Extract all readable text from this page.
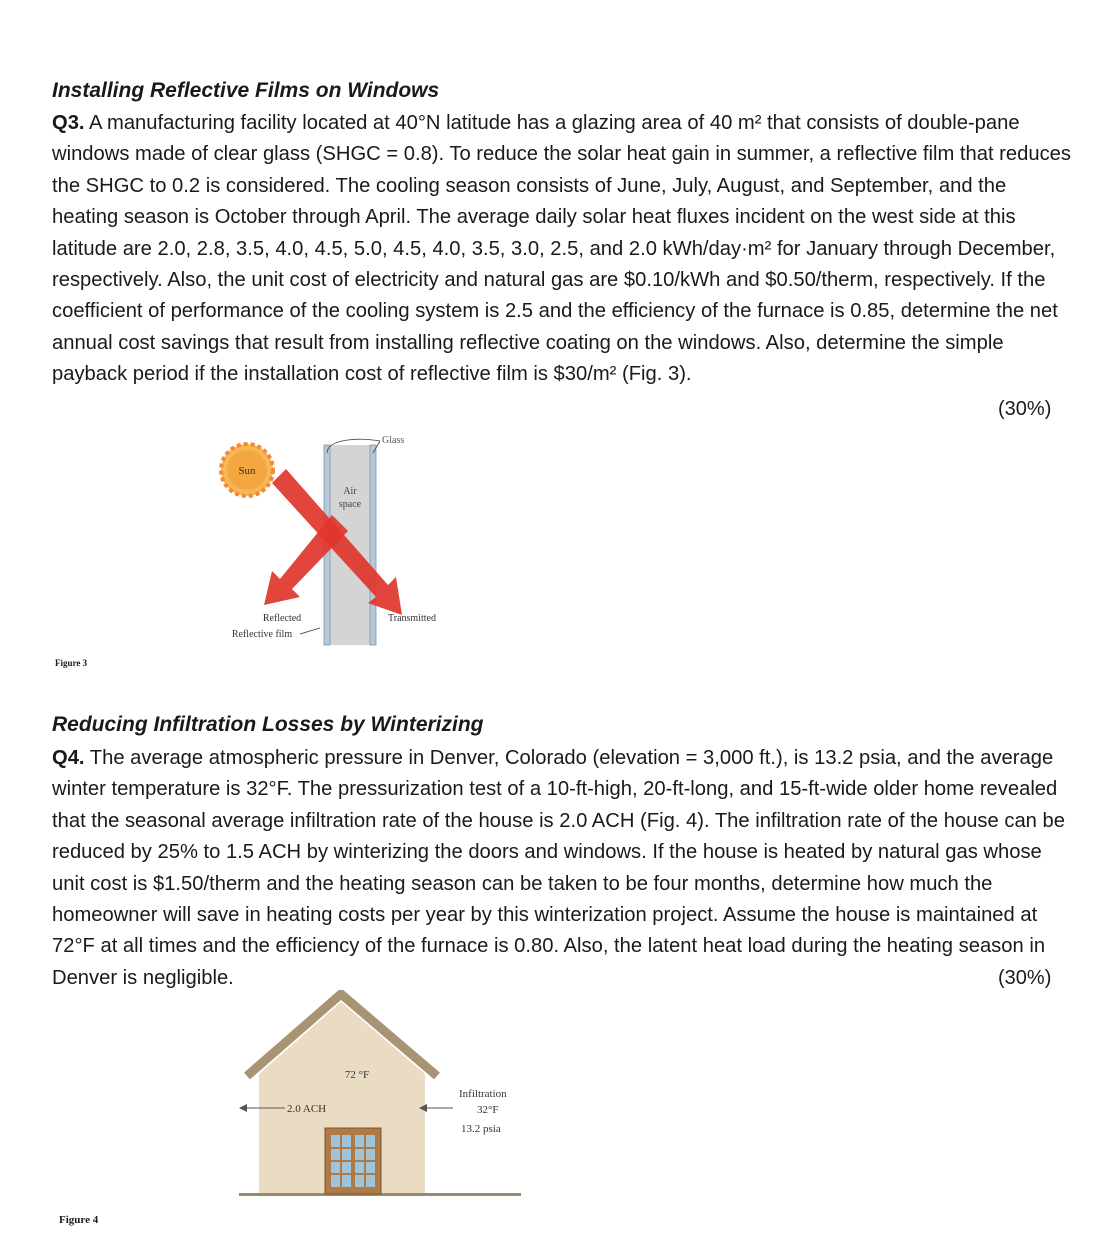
Installing Reflective Films on Windows

Q3. A manufacturing facility located at 40°N latitude has a glazing area of 40 m² that consists of double-pane windows made of clear glass (SHGC = 0.8). To reduce the solar heat gain in summer, a reflective film that reduces the SHGC to 0.2 is considered. The cooling season consists of June, July, August, and September, and the heating season is October through April. The average daily solar heat fluxes incident on the west side at this latitude are 2.0, 2.8, 3.5, 4.0, 4.5, 5.0, 4.5, 4.0, 3.5, 3.0, 2.5, and 2.0 kWh/day·m² for January through December, respectively. Also, the unit cost of electricity and natural gas are $0.10/kWh and $0.50/therm, respectively. If the coefficient of performance of the cooling system is 2.5 and the efficiency of the furnace is 0.85, determine the net annual cost savings that result from installing reflective coating on the windows. Also, determine the simple payback period if the installation cost of reflective film is $30/m² (Fig. 3).

(30%)
Sun
Glass
Air
space
Reflected
Reflective film
Transmitted
Figure 3
Reducing Infiltration Losses by Winterizing

Q4. The average atmospheric pressure in Denver, Colorado (elevation = 3,000 ft.), is 13.2 psia, and the average winter temperature is 32°F. The pressurization test of a 10-ft-high, 20-ft-long, and 15-ft-wide older home revealed that the seasonal average infiltration rate of the house is 2.0 ACH (Fig. 4). The infiltration rate of the house can be reduced by 25% to 1.5 ACH by winterizing the doors and windows. If the house is heated by natural gas whose unit cost is $1.50/therm and the heating season can be taken to be four months, determine how much the homeowner will save in heating costs per year by this winterization project. Assume the house is maintained at 72°F at all times and the efficiency of the furnace is 0.80. Also, the latent heat load during the heating season in Denver is negligible.	(30%)
72 °F
2.0 ACH
Infiltration
32°F
13.2 psia
Figure 4
